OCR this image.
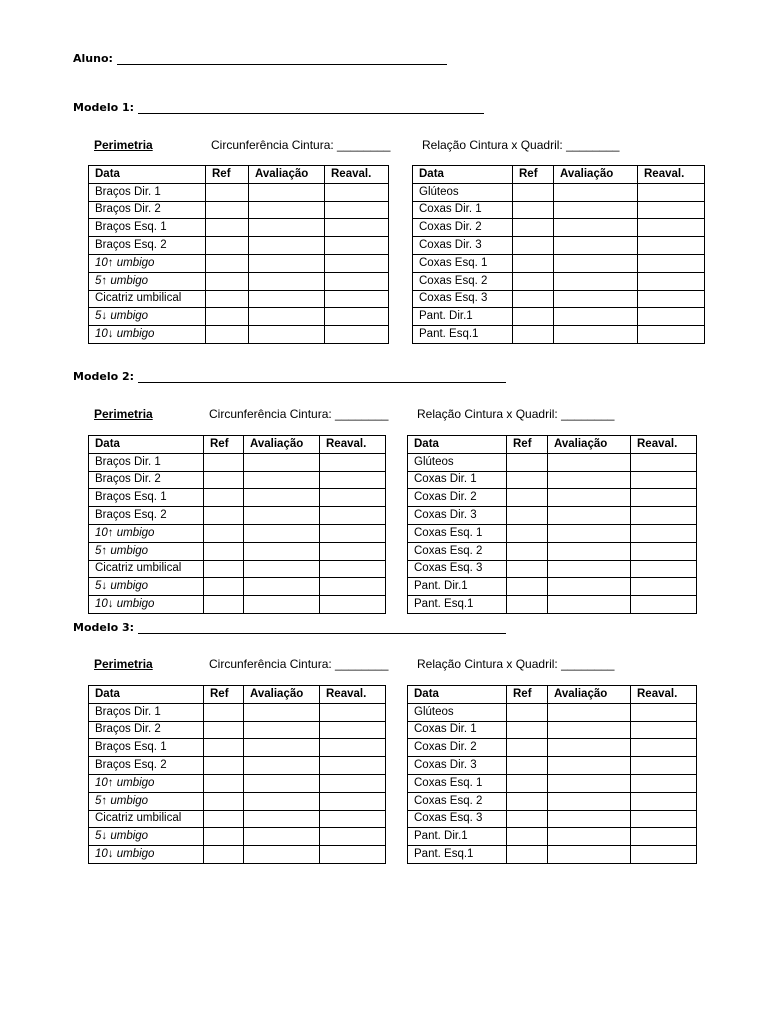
Aluno:
Modelo 1:
Perimetria	Circunferência Cintura: ________	Relação Cintura x Quadril: ________
Data	Ref	Avaliação	Reaval.
Braços Dir. 1			
Braços Dir. 2			
Braços Esq. 1			
Braços Esq. 2			
10↑ umbigo			
5↑ umbigo			
Cicatriz umbilical			
5↓ umbigo			
10↓ umbigo			
Data	Ref	Avaliação	Reaval.
Glúteos			
Coxas Dir. 1			
Coxas Dir. 2			
Coxas Dir. 3			
Coxas Esq. 1			
Coxas Esq. 2			
Coxas Esq. 3			
Pant. Dir.1			
Pant. Esq.1			
Modelo 2:
Perimetria	Circunferência Cintura: ________ Relação Cintura x Quadril: ________
Data	Ref	Avaliação	Reaval.
Braços Dir. 1			
Braços Dir. 2			
Braços Esq. 1			
Braços Esq. 2			
10↑ umbigo			
5↑ umbigo			
Cicatriz umbilical			
5↓ umbigo			
10↓ umbigo			
Data	Ref	Avaliação	Reaval.
Glúteos			
Coxas Dir. 1			
Coxas Dir. 2			
Coxas Dir. 3			
Coxas Esq. 1			
Coxas Esq. 2			
Coxas Esq. 3			
Pant. Dir.1			
Pant. Esq.1			
Modelo 3:
Perimetria	Circunferência Cintura: ________ Relação Cintura x Quadril: ________
Data	Ref	Avaliação	Reaval.
Braços Dir. 1			
Braços Dir. 2			
Braços Esq. 1			
Braços Esq. 2			
10↑ umbigo			
5↑ umbigo			
Cicatriz umbilical			
5↓ umbigo			
10↓ umbigo			
Data	Ref	Avaliação	Reaval.
Glúteos			
Coxas Dir. 1			
Coxas Dir. 2			
Coxas Dir. 3			
Coxas Esq. 1			
Coxas Esq. 2			
Coxas Esq. 3			
Pant. Dir.1			
Pant. Esq.1			
